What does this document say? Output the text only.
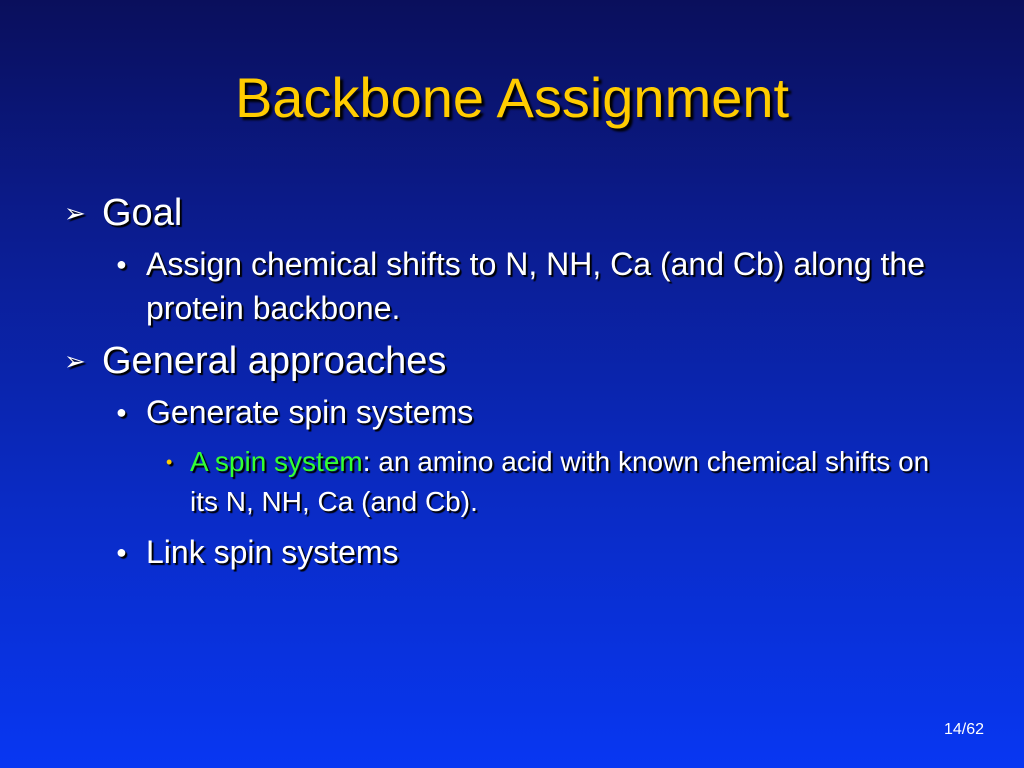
Backbone Assignment
➢ Goal
● Assign chemical shifts to N, NH, Ca (and Cb) along the protein backbone.
➢ General approaches
● Generate spin systems
• A spin system: an amino acid with known chemical shifts on its N, NH, Ca (and Cb).
● Link spin systems
14/62
